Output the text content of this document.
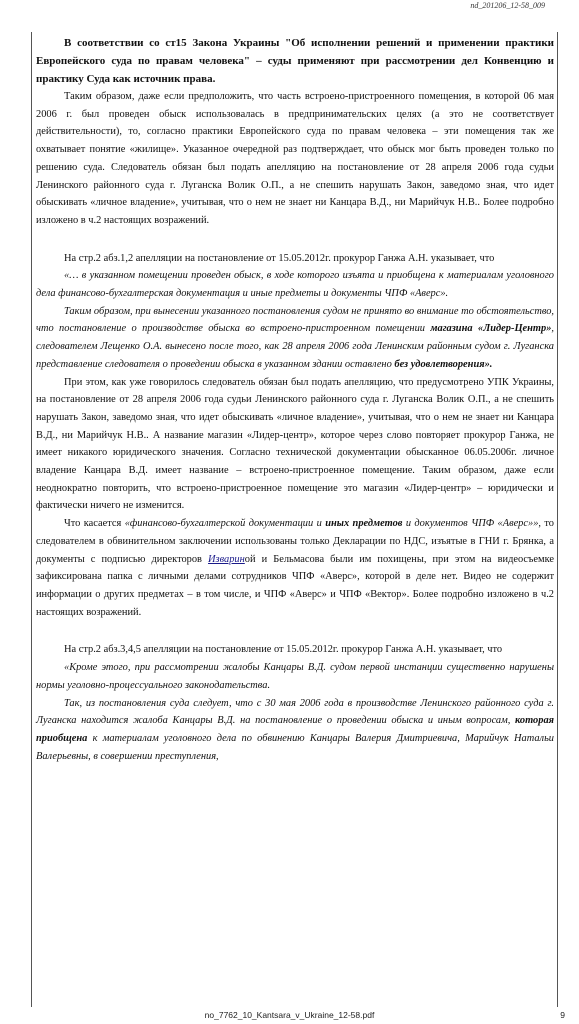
nd_201206_12-58_009

В соответствии со ст15 Закона Украины "Об исполнении решений и применении практики Европейского суда по правам человека" – суды применяют при рассмотрении дел Конвенцию и практику Суда как источник права.

Таким образом, даже если предположить, что часть встроено-пристроенного помещения, в которой 06 мая 2006 г. был проведен обыск использовалась в предпринимательских целях (а это не соответствует действительности), то, согласно практики Европейского суда по правам человека – эти помещения так же охватывает понятие «жилище». Указанное очередной раз подтверждает, что обыск мог быть проведен только по решению суда. Следователь обязан был подать апелляцию на постановление от 28 апреля 2006 года судьи Ленинского районного суда г. Луганска Волик О.П., а не спешить нарушать Закон, заведомо зная, что идет обыскивать «личное владение», учитывая, что о нем не знает ни Канцара В.Д., ни Марийчук Н.В.. Более подробно изложено в ч.2 настоящих возражений.

На стр.2 абз.1,2 апелляции на постановление от 15.05.2012г. прокурор Ганжа А.Н. указывает, что

«… в указанном помещении проведен обыск, в ходе которого изъята и приобщена к материалам уголовного дела финансово-бухгалтерская документация и иные предметы и документы ЧПФ «Аверс».

Таким образом, при вынесении указанного постановления судом не принято во внимание то обстоятельство, что постановление о производстве обыска во встроено-пристроенном помещении магазина «Лидер-Центр», следователем Лещенко О.А. вынесено после того, как 28 апреля 2006 года Ленинским районным судом г. Луганска представление следователя о проведении обыска в указанном здании оставлено без удовлетворения».

При этом, как уже говорилось следователь обязан был подать апелляцию, что предусмотрено УПК Украины, на постановление от 28 апреля 2006 года судьи Ленинского районного суда г. Луганска Волик О.П., а не спешить нарушать Закон, заведомо зная, что идет обыскивать «личное владение», учитывая, что о нем не знает ни Канцара В.Д., ни Марийчук Н.В.. А название магазин «Лидер-центр», которое через слово повторяет прокурор Ганжа, не имеет никакого юридического значения. Согласно технической документации обысканное 06.05.2006г. личное владение Канцара В.Д. имеет название – встроено-пристроенное помещение. Таким образом, даже если неоднократно повторить, что встроено-пристроенное помещение это магазин «Лидер-центр» – юридически и фактически ничего не изменится.

Что касается «финансово-бухгалтерской документации и иных предметов и документов ЧПФ «Аверс»», то следователем в обвинительном заключении использованы только Декларации по НДС, изъятые в ГНИ г. Брянка, а документы с подписью директоров Извариной и Бельмасова были им похищены, при этом на видеосъемке зафиксирована папка с личными делами сотрудников ЧПФ «Аверс», которой в деле нет. Видео не содержит информации о других предметах – в том числе, и ЧПФ «Аверс» и ЧПФ «Вектор». Более подробно изложено в ч.2 настоящих возражений.

На стр.2 абз.3,4,5 апелляции на постановление от 15.05.2012г. прокурор Ганжа А.Н. указывает, что

«Кроме этого, при рассмотрении жалобы Канцары В.Д. судом первой инстанции существенно нарушены нормы уголовно-процессуального законодательства.

Так, из постановления суда следует, что с 30 мая 2006 года в производстве Ленинского районного суда г. Луганска находится жалоба Канцары В.Д. на постановление о проведении обыска и иным вопросам, которая приобщена к материалам уголовного дела по обвинению Канцары Валерия Дмитриевича, Марийчук Натальи Валерьевны, в совершении преступления,

no_7762_10_Kantsara_v_Ukraine_12-58.pdf	9
